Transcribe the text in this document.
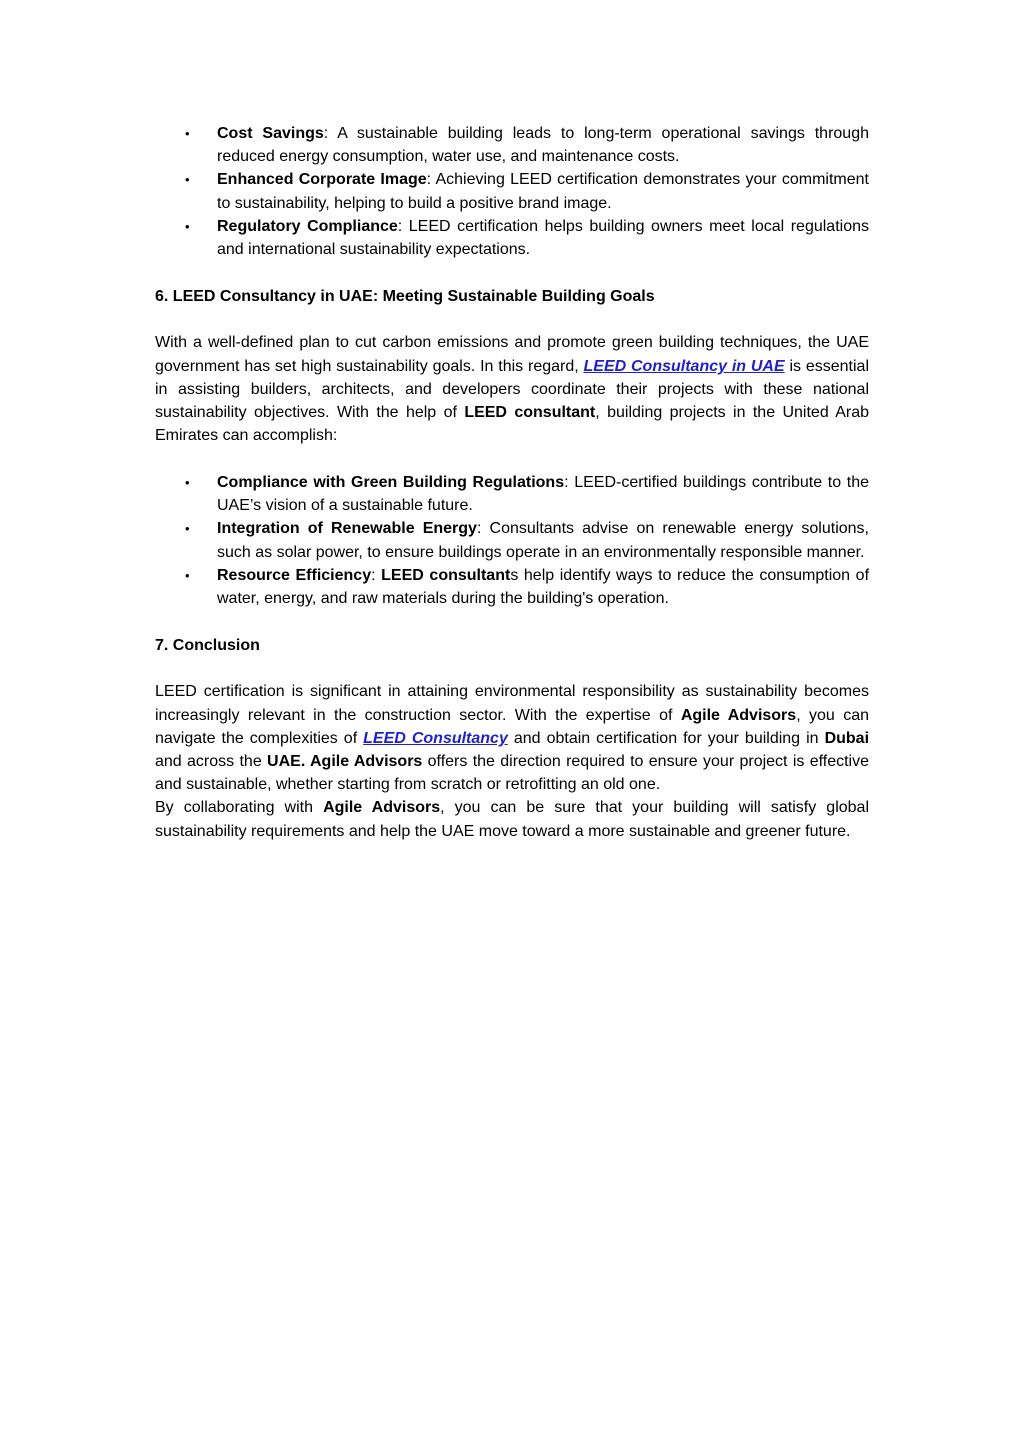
• Cost Savings: A sustainable building leads to long-term operational savings through reduced energy consumption, water use, and maintenance costs.
• Enhanced Corporate Image: Achieving LEED certification demonstrates your commitment to sustainability, helping to build a positive brand image.
• Regulatory Compliance: LEED certification helps building owners meet local regulations and international sustainability expectations.

6. LEED Consultancy in UAE: Meeting Sustainable Building Goals

With a well-defined plan to cut carbon emissions and promote green building techniques, the UAE government has set high sustainability goals. In this regard, LEED Consultancy in UAE is essential in assisting builders, architects, and developers coordinate their projects with these national sustainability objectives. With the help of LEED consultant, building projects in the United Arab Emirates can accomplish:

• Compliance with Green Building Regulations: LEED-certified buildings contribute to the UAE’s vision of a sustainable future.
• Integration of Renewable Energy: Consultants advise on renewable energy solutions, such as solar power, to ensure buildings operate in an environmentally responsible manner.
• Resource Efficiency: LEED consultants help identify ways to reduce the consumption of water, energy, and raw materials during the building's operation.

7. Conclusion

LEED certification is significant in attaining environmental responsibility as sustainability becomes increasingly relevant in the construction sector. With the expertise of Agile Advisors, you can navigate the complexities of LEED Consultancy and obtain certification for your building in Dubai and across the UAE. Agile Advisors offers the direction required to ensure your project is effective and sustainable, whether starting from scratch or retrofitting an old one.

By collaborating with Agile Advisors, you can be sure that your building will satisfy global sustainability requirements and help the UAE move toward a more sustainable and greener future.
